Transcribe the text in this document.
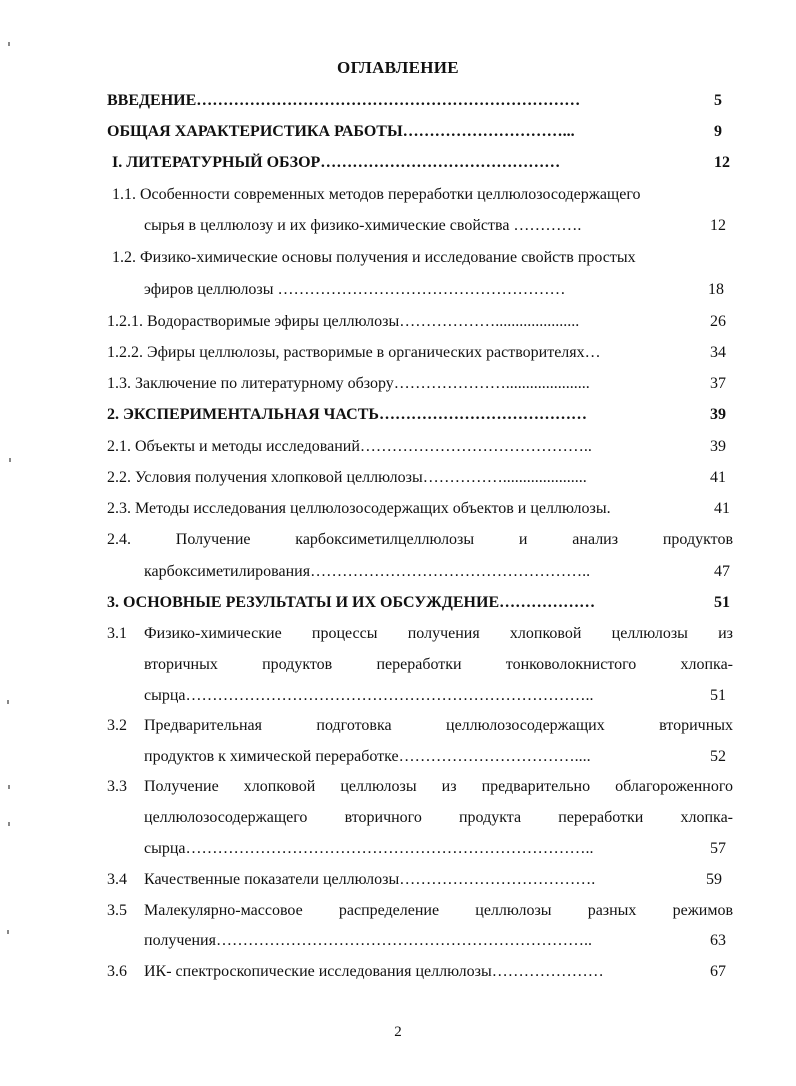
ОГЛАВЛЕНИЕ
ВВЕДЕНИЕ………………………………………………………………	5
ОБЩАЯ ХАРАКТЕРИСТИКА РАБОТЫ…………………………...	9
I. ЛИТЕРАТУРНЫЙ ОБЗОР………………………………………	12
1.1. Особенности современных методов переработки целлюлозосодержащего
сырья в целлюлозу и их физико-химические свойства ………….	12
1.2. Физико-химические основы получения и исследование свойств простых
эфиров целлюлозы ………………………………………………	18
1.2.1. Водорастворимые эфиры целлюлозы……………….....................	26
1.2.2. Эфиры целлюлозы, растворимые в органических растворителях…	34
1.3. Заключение по литературному обзору………………….....................	37
2. ЭКСПЕРИМЕНТАЛЬНАЯ ЧАСТЬ…………………………………	39
2.1. Объекты и методы исследований……………………………………..	39
2.2. Условия получения хлопковой целлюлозы…………….....................	41
2.3. Методы исследования целлюлозосодержащих объектов и целлюлозы.	41
2.4. Получение карбоксиметилцеллюлозы и анализ продуктов
карбоксиметилирования……………………………………………..	47
3. ОСНОВНЫЕ РЕЗУЛЬТАТЫ И ИХ ОБСУЖДЕНИЕ………………	51
3.1 Физико-химические процессы получения хлопковой целлюлозы из
вторичных продуктов переработки тонковолокнистого хлопка-
сырца…………………………………………………………………..	51
3.2 Предварительная подготовка целлюлозосодержащих вторичных
продуктов к химической переработке……………………………....	52
3.3 Получение хлопковой целлюлозы из предварительно облагороженного
целлюлозосодержащего вторичного продукта переработки хлопка-
сырца…………………………………………………………………..	57
3.4 Качественные показатели целлюлозы……………………………….	59
3.5 Малекулярно-массовое распределение целлюлозы разных режимов
получения……………………………………………………………..	63
3.6 ИК- спектроскопические исследования целлюлозы…………………	67
2
